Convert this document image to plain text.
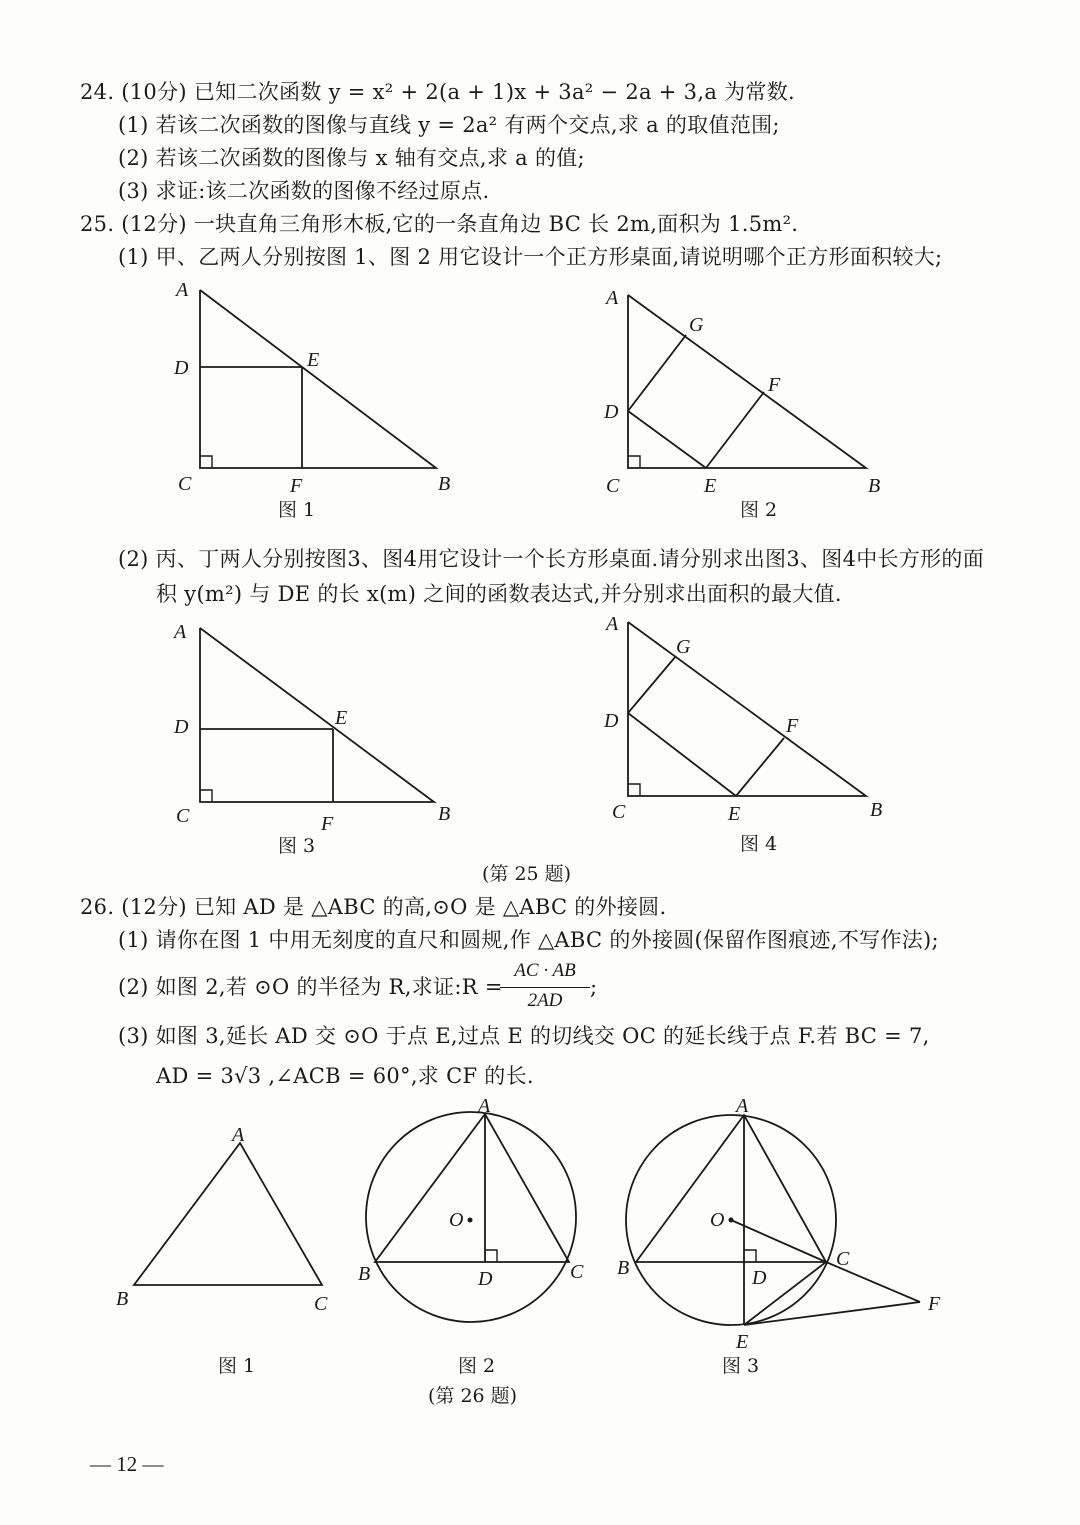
24. (10分) 已知二次函数 y = x² + 2(a + 1)x + 3a² − 2a + 3,a 为常数.
(1) 若该二次函数的图像与直线 y = 2a² 有两个交点,求 a 的取值范围;
(2) 若该二次函数的图像与 x 轴有交点,求 a 的值;
(3) 求证:该二次函数的图像不经过原点.
25. (12分) 一块直角三角形木板,它的一条直角边 BC 长 2m,面积为 1.5m².
(1) 甲、乙两人分别按图 1、图 2 用它设计一个正方形桌面,请说明哪个正方形面积较大;
A
D	E
C	F	B
图 1
A
G
F
D
C	E	B
图 2
(2) 丙、丁两人分别按图3、图4用它设计一个长方形桌面.请分别求出图3、图4中长方形的面
积 y(m²) 与 DE 的长 x(m) 之间的函数表达式,并分别求出面积的最大值.
A
D	E
C	F	B
图 3
A
G
D	F
C	E	B
图 4
(第 25 题)
26. (12分) 已知 AD 是 △ABC 的高,⊙O 是 △ABC 的外接圆.
(1) 请你在图 1 中用无刻度的直尺和圆规,作 △ABC 的外接圆(保留作图痕迹,不写作法);
(2) 如图 2,若 ⊙O 的半径为 R,求证:R =
AC · AB
2AD
;
(3) 如图 3,延长 AD 交 ⊙O 于点 E,过点 E 的切线交 OC 的延长线于点 F.若 BC = 7,
AD = 3√3 ,∠ACB = 60°,求 CF 的长.
A
B	C
图 1
A
O
B	D	C
图 2
A
O
B	C
D
E
F
图 3
(第 26 题)
— 12 —
